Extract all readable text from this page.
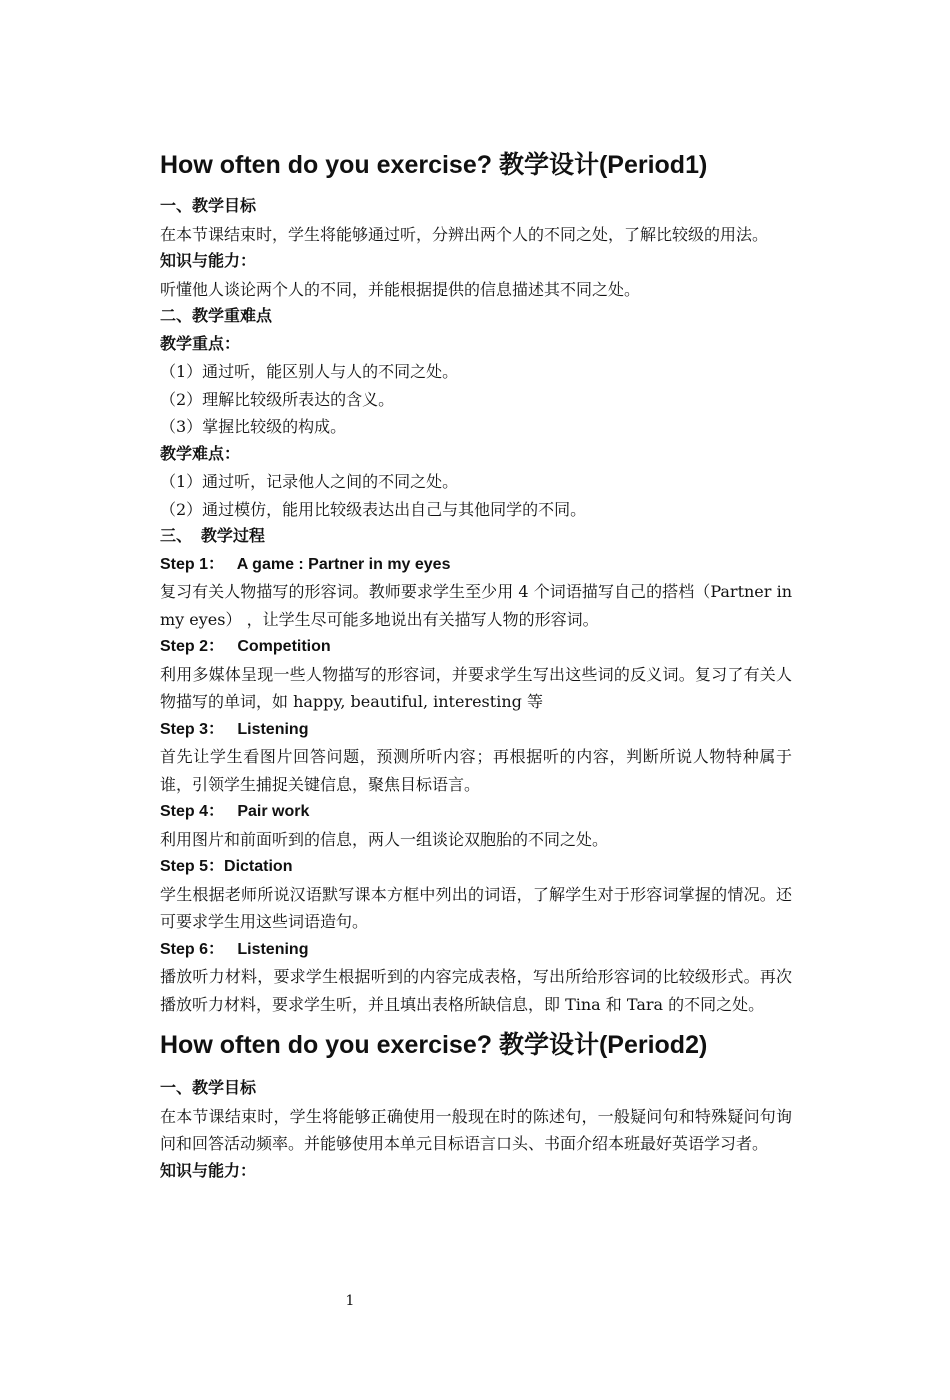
How often do you exercise? 教学设计(Period1)

一、教学目标

在本节课结束时，学生将能够通过听，分辨出两个人的不同之处，了解比较级的用法。

知识与能力：

听懂他人谈论两个人的不同，并能根据提供的信息描述其不同之处。

二、教学重难点

教学重点：

（1）通过听，能区别人与人的不同之处。

（2）理解比较级所表达的含义。

（3）掌握比较级的构成。

教学难点：

（1）通过听，记录他人之间的不同之处。

（2）通过模仿，能用比较级表达出自己与其他同学的不同。

三、  教学过程

Step 1：   A game : Partner in my eyes

复习有关人物描写的形容词。教师要求学生至少用 4 个词语描写自己的搭档（Partner in my eyes） ，让学生尽可能多地说出有关描写人物的形容词。

Step 2：   Competition

利用多媒体呈现一些人物描写的形容词，并要求学生写出这些词的反义词。复习了有关人物描写的单词，如 happy, beautiful, interesting 等

Step 3：   Listening

首先让学生看图片回答问题，预测所听内容；再根据听的内容，判断所说人物特种属于谁，引领学生捕捉关键信息，聚焦目标语言。

Step 4：   Pair work

利用图片和前面听到的信息，两人一组谈论双胞胎的不同之处。

Step 5：Dictation

学生根据老师所说汉语默写课本方框中列出的词语，了解学生对于形容词掌握的情况。还可要求学生用这些词语造句。

Step 6：   Listening

播放听力材料，要求学生根据听到的内容完成表格，写出所给形容词的比较级形式。再次播放听力材料，要求学生听，并且填出表格所缺信息，即 Tina 和 Tara 的不同之处。

How often do you exercise? 教学设计(Period2)

一、教学目标

在本节课结束时，学生将能够正确使用一般现在时的陈述句，一般疑问句和特殊疑问句询问和回答活动频率。并能够使用本单元目标语言口头、书面介绍本班最好英语学习者。

知识与能力：

1
